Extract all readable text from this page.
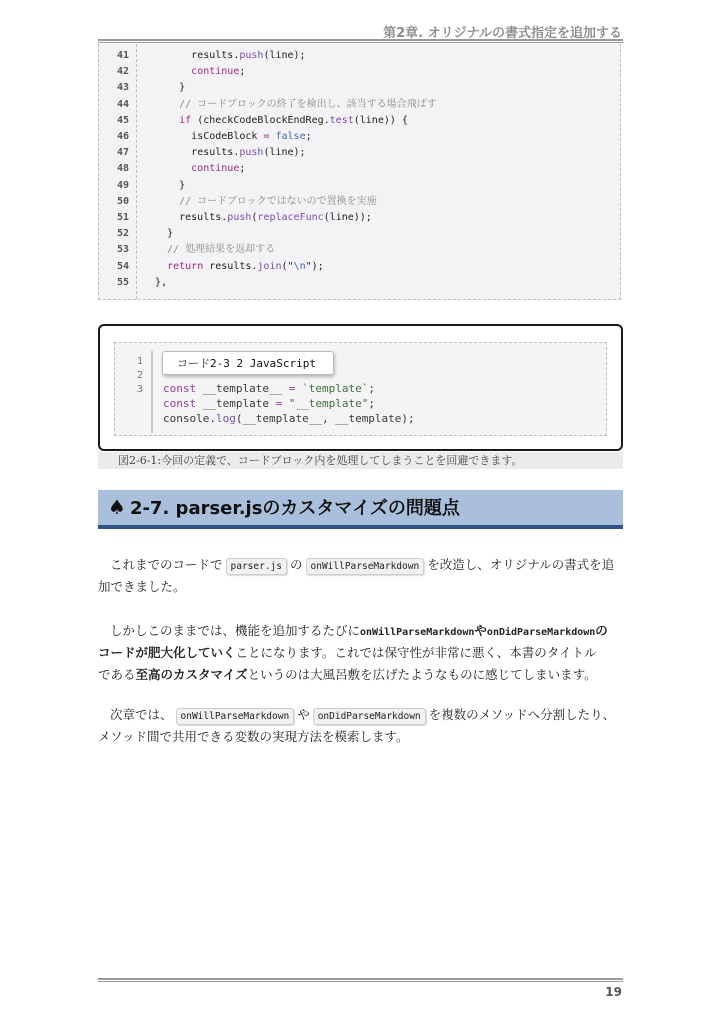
第2章. オリジナルの書式指定を追加する
41	results.push(line);
42	continue;
43	}
44	// コードブロックの終了を検出し、該当する場合飛ばす
45	if (checkCodeBlockEndReg.test(line)) {
46	isCodeBlock = false;
47	results.push(line);
48	continue;
49	}
50	// コードブロックではないので置換を実施
51	results.push(replaceFunc(line));
52	}
53	// 処理結果を返却する
54	return results.join("\n");
55	},
コード2-3 2 JavaScript
1
2
3 const __template__ = `template`;
const __template = "__template";
console.log(__template__, __template);
図2-6-1:今回の定義で、コードブロック内を処理してしまうことを回避できます。
♠ 2-7. parser.jsのカスタマイズの問題点
これまでのコードで parser.js の onWillParseMarkdown を改造し、オリジナルの書式を追
加できました。
しかしこのままでは、機能を追加するたびにonWillParseMarkdownやonDidParseMarkdownの
コードが肥大化していくことになります。これでは保守性が非常に悪く、本書のタイトル
である至高のカスタマイズというのは大風呂敷を広げたようなものに感じてしまいます。
次章では、 onWillParseMarkdown や onDidParseMarkdown を複数のメソッドへ分割したり、
メソッド間で共用できる変数の実現方法を模索します。
19
